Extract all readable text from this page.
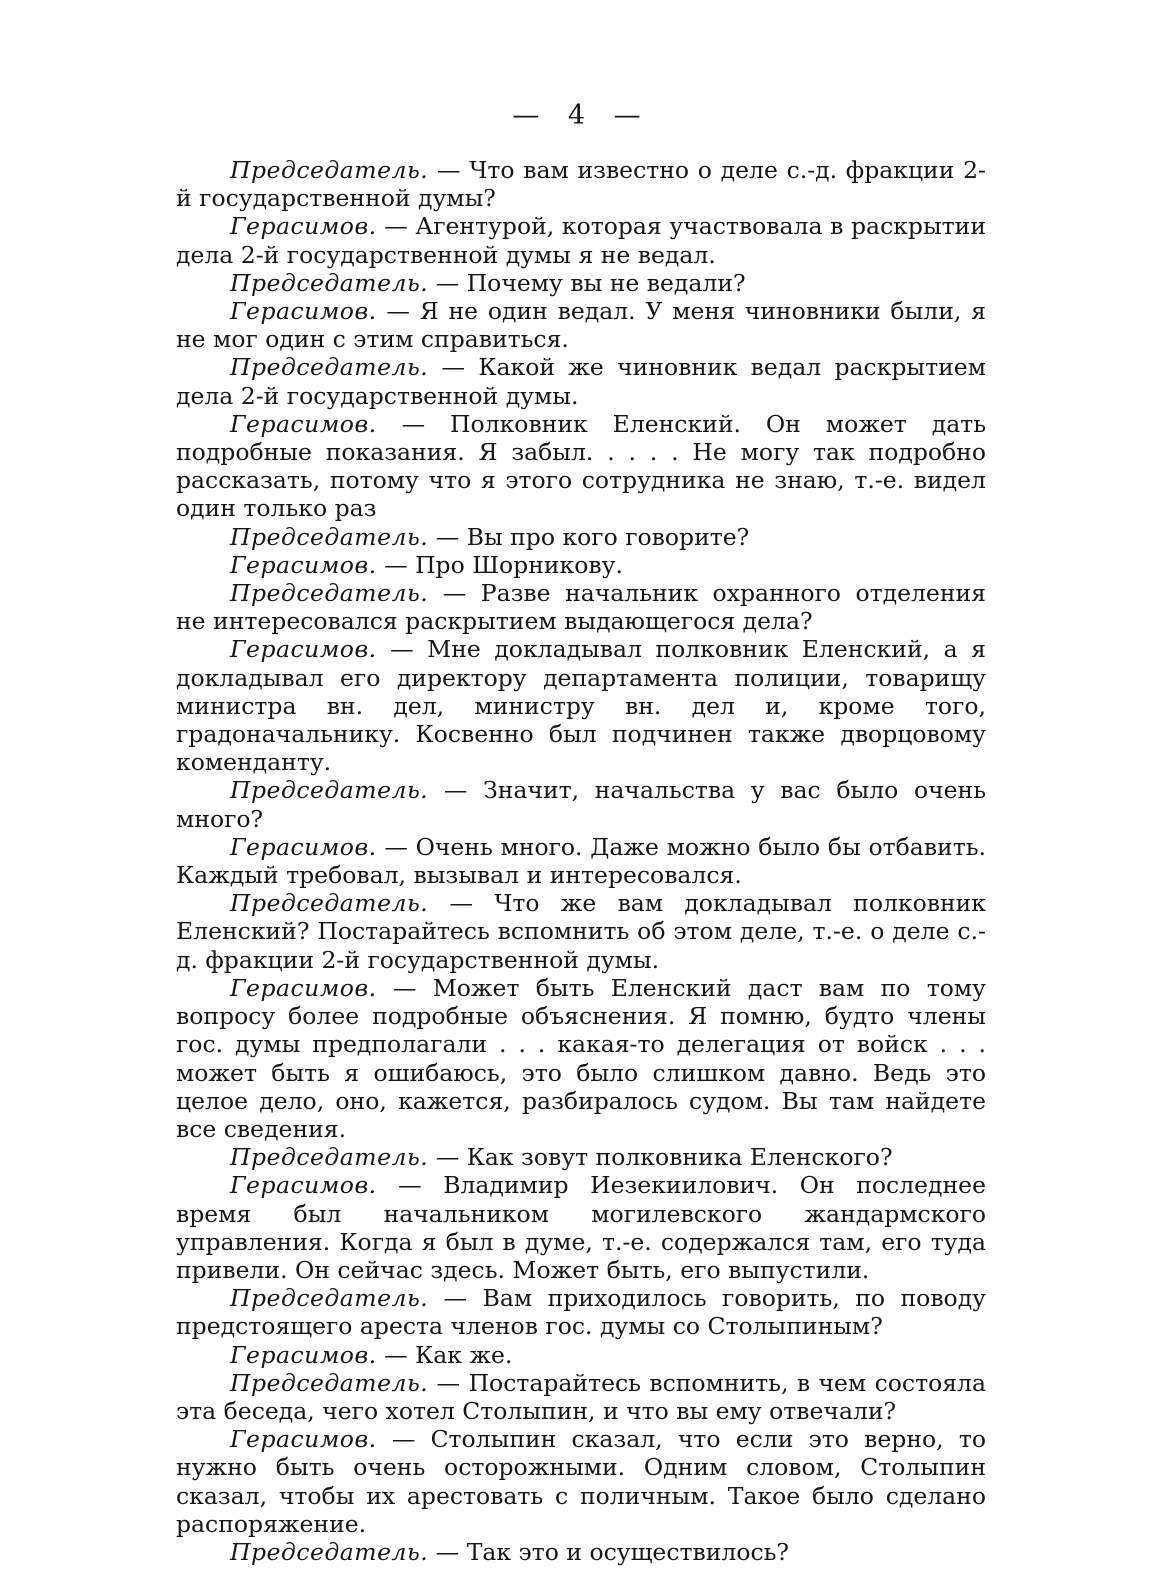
— 4 —

Председатель. — Что вам известно о деле с.-д. фракции 2-й государственной думы?

Герасимов. — Агентурой, которая участвовала в раскрытии дела 2-й государственной думы я не ведал.

Председатель. — Почему вы не ведали?

Герасимов. — Я не один ведал. У меня чиновники были, я не мог один с этим справиться.

Председатель. — Какой же чиновник ведал раскрытием дела 2-й государственной думы.

Герасимов. — Полковник Еленский. Он может дать подробные показания. Я забыл. . . . . Не могу так подробно рассказать, потому что я этого сотрудника не знаю, т.-е. видел один только раз

Председатель. — Вы про кого говорите?

Герасимов. — Про Шорникову.

Председатель. — Разве начальник охранного отделения не интересовался раскрытием выдающегося дела?

Герасимов. — Мне докладывал полковник Еленский, а я докладывал его директору департамента полиции, товарищу министра вн. дел, министру вн. дел и, кроме того, градоначальнику. Косвенно был подчинен также дворцовому коменданту.

Председатель. — Значит, начальства у вас было очень много?

Герасимов. — Очень много. Даже можно было бы отбавить. Каждый требовал, вызывал и интересовался.

Председатель. — Что же вам докладывал полковник Еленский? Постарайтесь вспомнить об этом деле, т.-е. о деле с.-д. фракции 2-й государственной думы.

Герасимов. — Может быть Еленский даст вам по тому вопросу более подробные объяснения. Я помню, будто члены гос. думы предполагали . . . какая-то делегация от войск . . . может быть я ошибаюсь, это было слишком давно. Ведь это целое дело, оно, кажется, разбиралось судом. Вы там найдете все сведения.

Председатель. — Как зовут полковника Еленского?

Герасимов. — Владимир Иезекиилович. Он последнее время был начальником могилевского жандармского управления. Когда я был в думе, т.-е. содержался там, его туда привели. Он сейчас здесь. Может быть, его выпустили.

Председатель. — Вам приходилось говорить, по поводу предстоящего ареста членов гос. думы со Столыпиным?

Герасимов. — Как же.

Председатель. — Постарайтесь вспомнить, в чем состояла эта беседа, чего хотел Столыпин, и что вы ему отвечали?

Герасимов. — Столыпин сказал, что если это верно, то нужно быть очень осторожными. Одним словом, Столыпин сказал, чтобы их арестовать с поличным. Такое было сделано распоряжение.

Председатель. — Так это и осуществилось?
